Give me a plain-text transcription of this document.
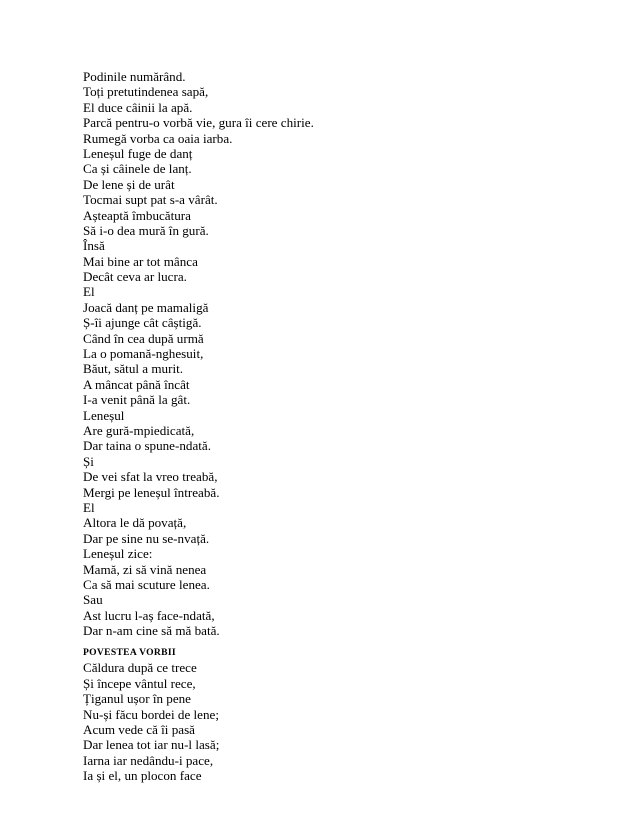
Podinile numărând.
Toți pretutindenea sapă,
El duce câinii la apă.
Parcă pentru-o vorbă vie, gura îi cere chirie.
Rumegă vorba ca oaia iarba.
Leneșul fuge de danț
Ca și câinele de lanț.
De lene și de urât
Tocmai supt pat s-a vârât.
Așteaptă îmbucătura
Să i-o dea mură în gură.
Însă
Mai bine ar tot mânca
Decât ceva ar lucra.
El
Joacă danț pe mamaligă
Ș-îi ajunge cât câștigă.
Când în cea după urmă
La o pomană-nghesuit,
Băut, sătul a murit.
A mâncat până încât
I-a venit până la gât.
Leneșul
Are gură-mpiedicată,
Dar taina o spune-ndată.
Și
De vei sfat la vreo treabă,
Mergi pe leneșul întreabă.
El
Altora le dă povață,
Dar pe sine nu se-nvață.
Leneșul zice:
Mamă, zi să vină nenea
Ca să mai scuture lenea.
Sau
Ast lucru l-aș face-ndată,
Dar n-am cine să mă bată.
POVESTEA VORBII
Căldura după ce trece
Și începe vântul rece,
Țiganul ușor în pene
Nu-și făcu bordei de lene;
Acum vede că îi pasă
Dar lenea tot iar nu-l lasă;
Iarna iar nedându-i pace,
Ia și el, un plocon face
